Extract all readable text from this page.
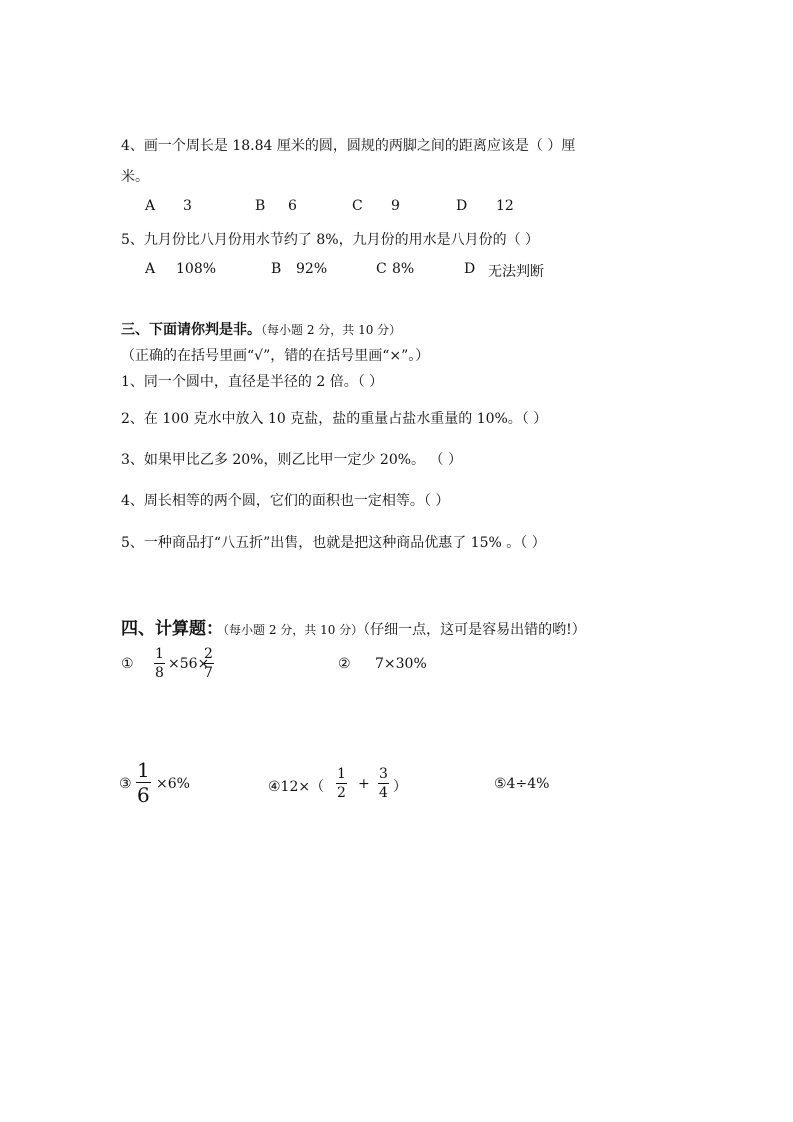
4、画一个周长是 18.84 厘米的圆，圆规的两脚之间的距离应该是（ ）厘
米。
A 3	B 6	C 9	D 12
5、九月份比八月份用水节约了 8%，九月份的用水是八月份的（ ）
A 108%	B 92%	C 8%	D 无法判断
三、下面请你判是非。（每小题 2 分，共 10 分）
（正确的在括号里画“√”，错的在括号里画“×”。）
1、同一个圆中，直径是半径的 2 倍。（ ）
2、在 100 克水中放入 10 克盐，盐的重量占盐水重量的 10%。（ ）
3、如果甲比乙多 20%，则乙比甲一定少 20%。 （ ）
4、周长相等的两个圆，它们的面积也一定相等。（ ）
5、一种商品打“八五折”出售，也就是把这种商品优惠了 15% 。（ ）
四、计算题：（每小题 2 分，共 10 分）（仔细一点，这可是容易出错的哟!）
① $\frac{1}{8} \times 56\times$
$\frac{2}{7}$	② 7×30%
③ $\frac{1}{6} \times 6\%$	④12×（ $\frac{1}{2} + \frac{3}{4}$ ）	⑤4÷4%
